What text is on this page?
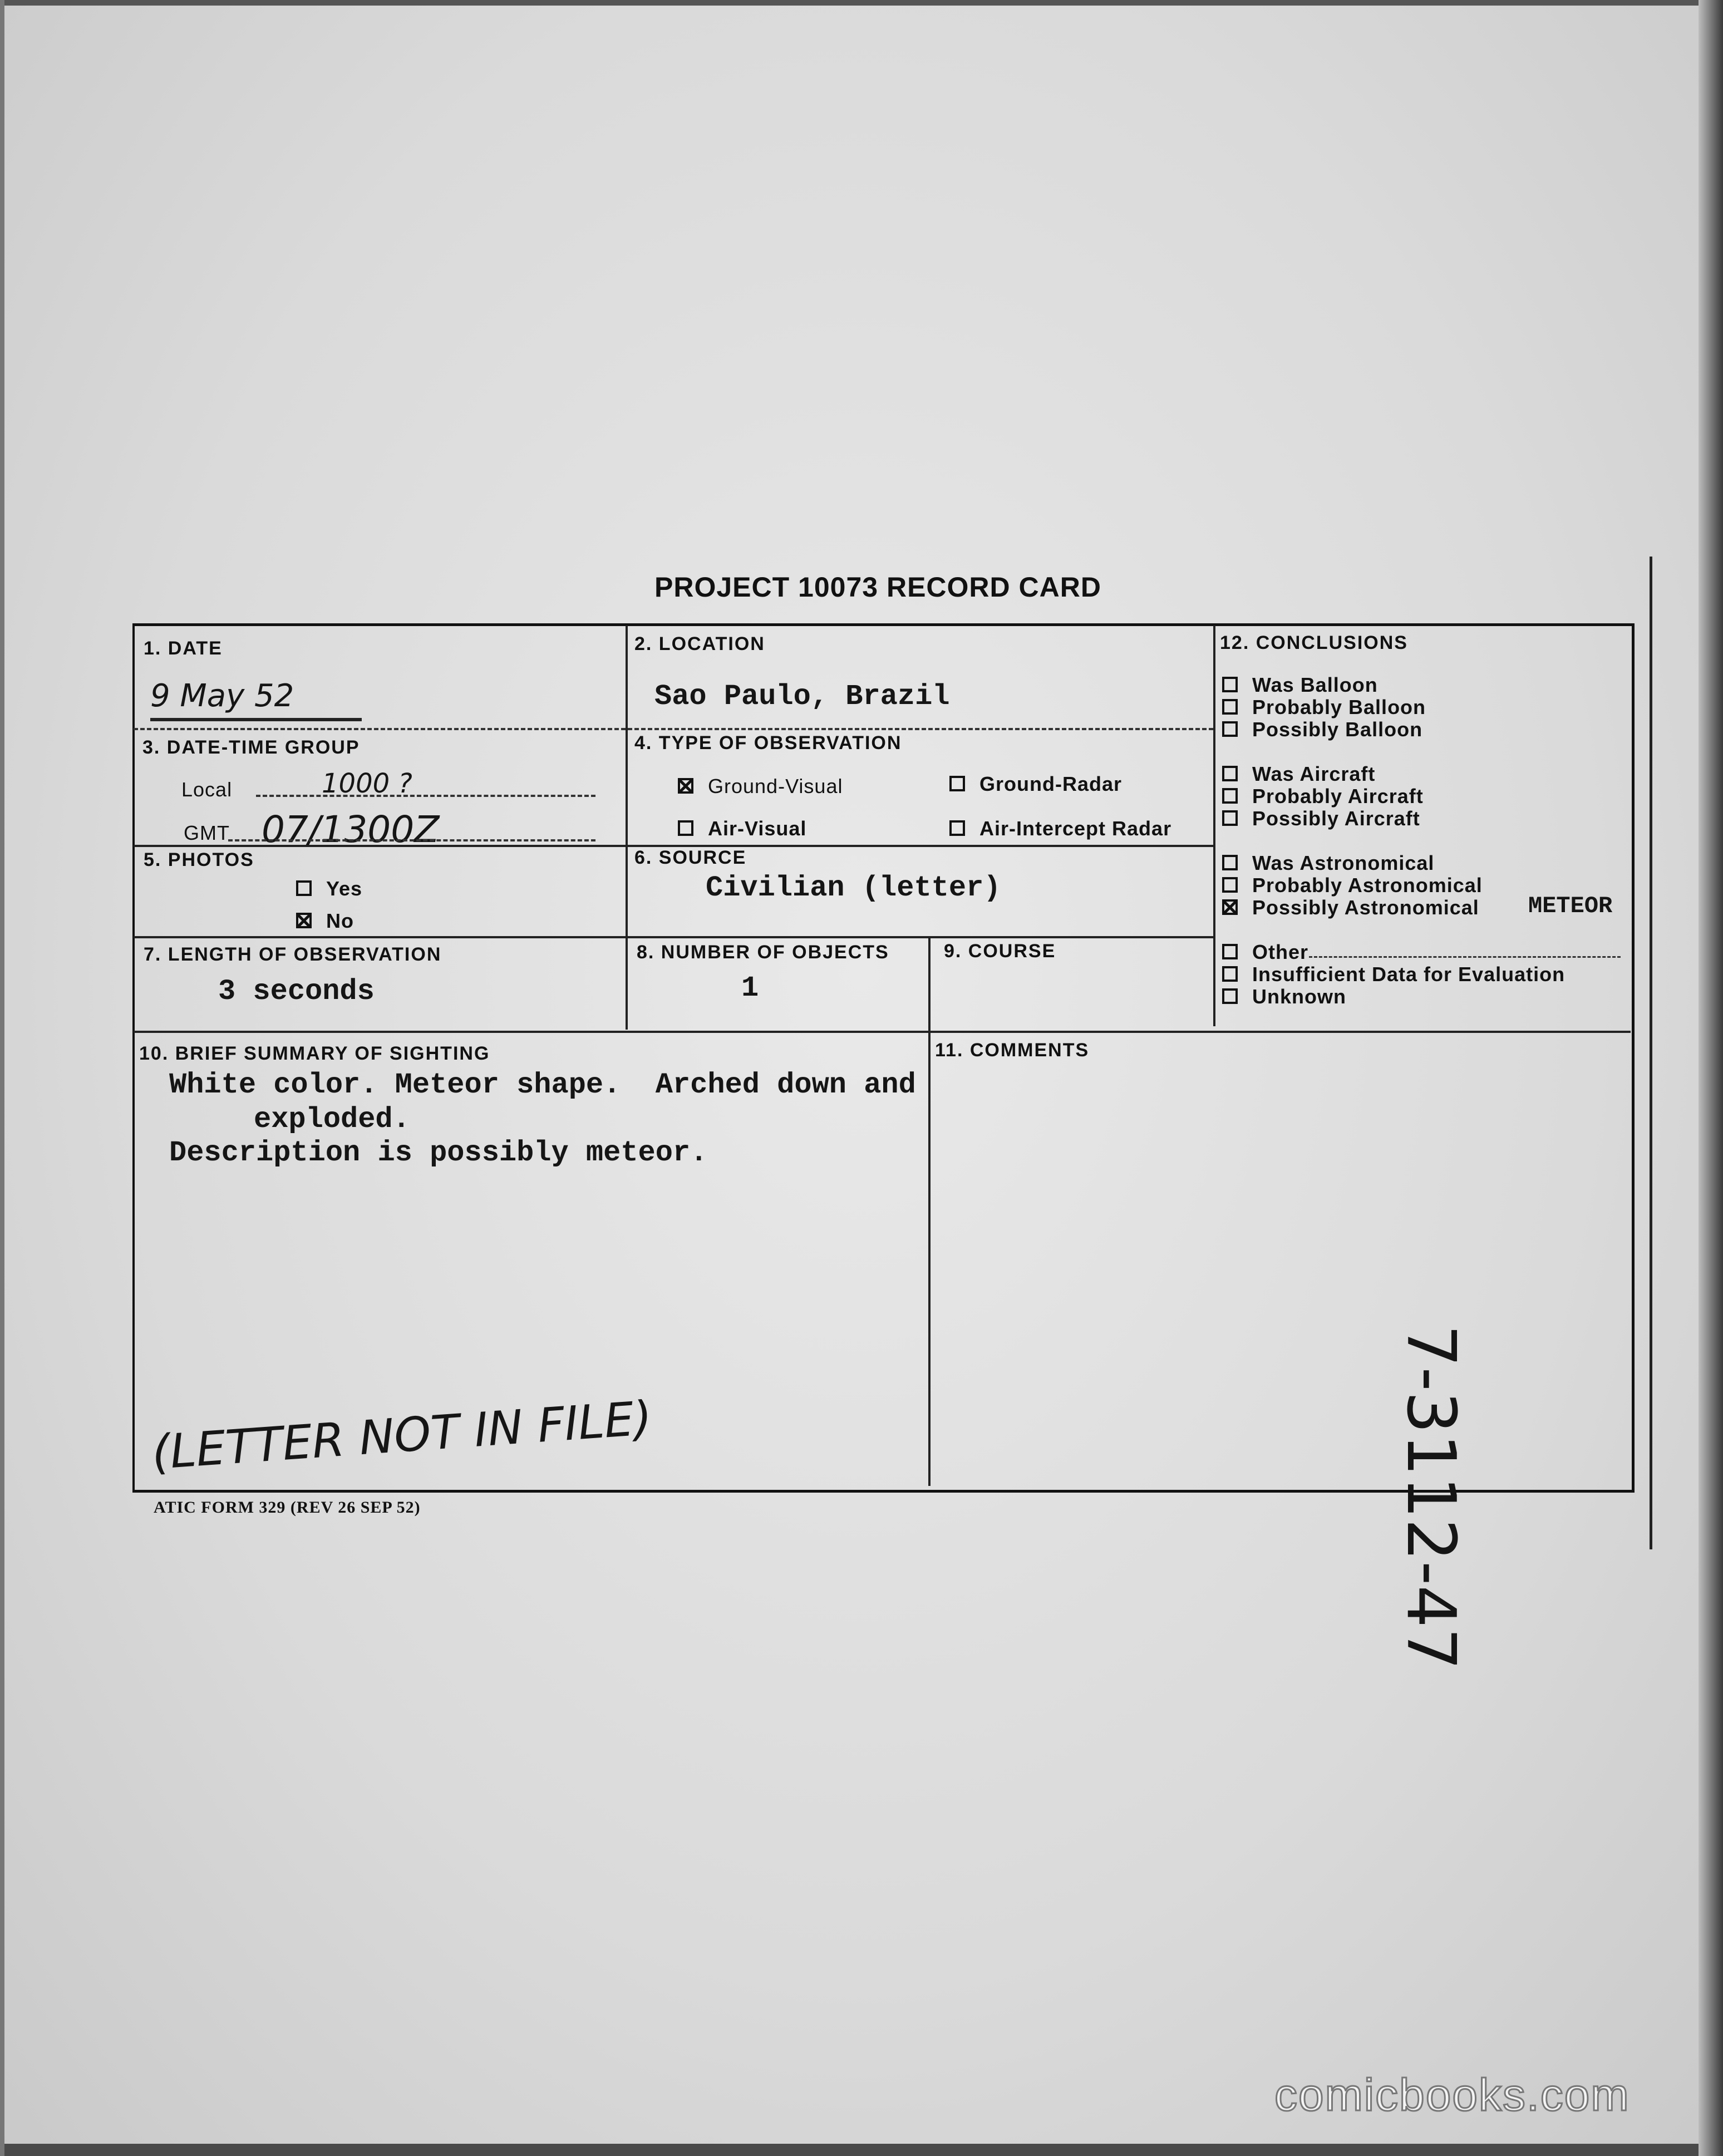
PROJECT 10073 RECORD CARD
1. DATE
9 May 52
2. LOCATION
Sao Paulo, Brazil
3. DATE-TIME GROUP
Local	1000 ?
GMT 07/1300Z
4. TYPE OF OBSERVATION
Ground-Visual	Ground-Radar
Air-Visual	Air-Intercept Radar
5. PHOTOS
Yes
No
6. SOURCE
Civilian (letter)
7. LENGTH OF OBSERVATION
3 seconds
8. NUMBER OF OBJECTS
1
9. COURSE
12. CONCLUSIONS
Was Balloon
Probably Balloon
Possibly Balloon
Was Aircraft
Probably Aircraft
Possibly Aircraft
Was Astronomical
Probably Astronomical
Possibly Astronomical METEOR
Other
Insufficient Data for Evaluation
Unknown
10. BRIEF SUMMARY OF SIGHTING
White color. Meteor shape.  Arched down and
exploded.
Description is possibly meteor.
(LETTER NOT IN FILE)
11. COMMENTS
7-3112-47
ATIC FORM 329 (REV 26 SEP 52)
comicbooks.com
